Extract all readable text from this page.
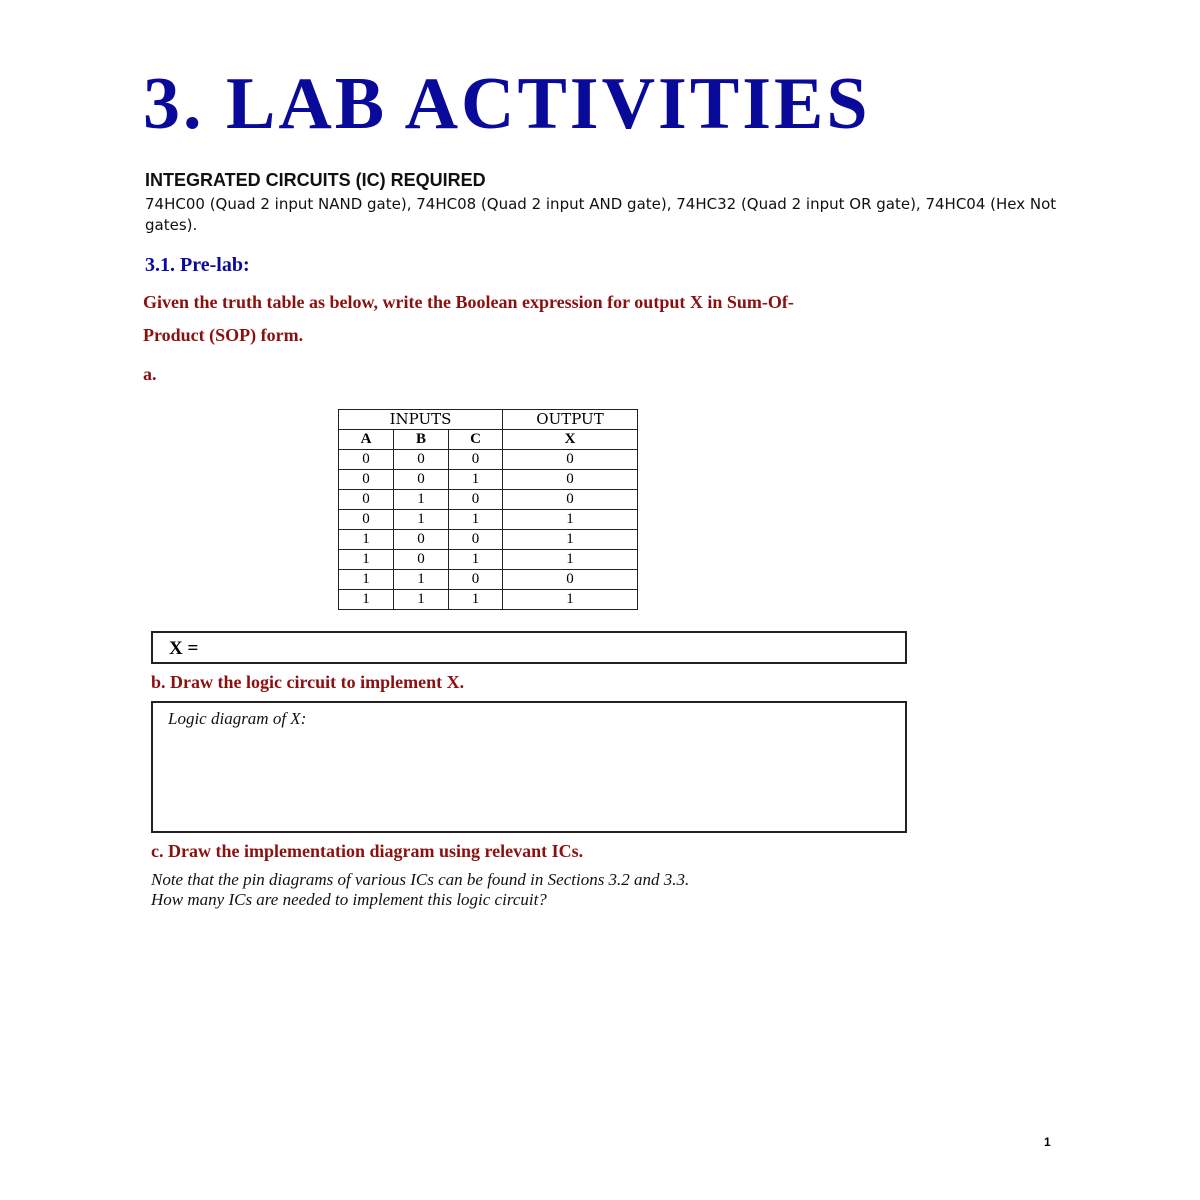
3. LAB ACTIVITIES
INTEGRATED CIRCUITS (IC) REQUIRED
74HC00 (Quad 2 input NAND gate), 74HC08 (Quad 2 input AND gate), 74HC32 (Quad 2 input OR gate), 74HC04 (Hex Not gates).
3.1. Pre-lab:
Given the truth table as below, write the Boolean expression for output X in Sum-Of-
Product (SOP) form.
a.
INPUTS			OUTPUT
A	B	C	X
0	0	0	0
0	0	1	0
0	1	0	0
0	1	1	1
1	0	0	1
1	0	1	1
1	1	0	0
1	1	1	1
X =
b. Draw the logic circuit to implement X.
Logic diagram of X:
c. Draw the implementation diagram using relevant ICs.
Note that the pin diagrams of various ICs can be found in Sections 3.2 and 3.3.
How many ICs are needed to implement this logic circuit?
1
